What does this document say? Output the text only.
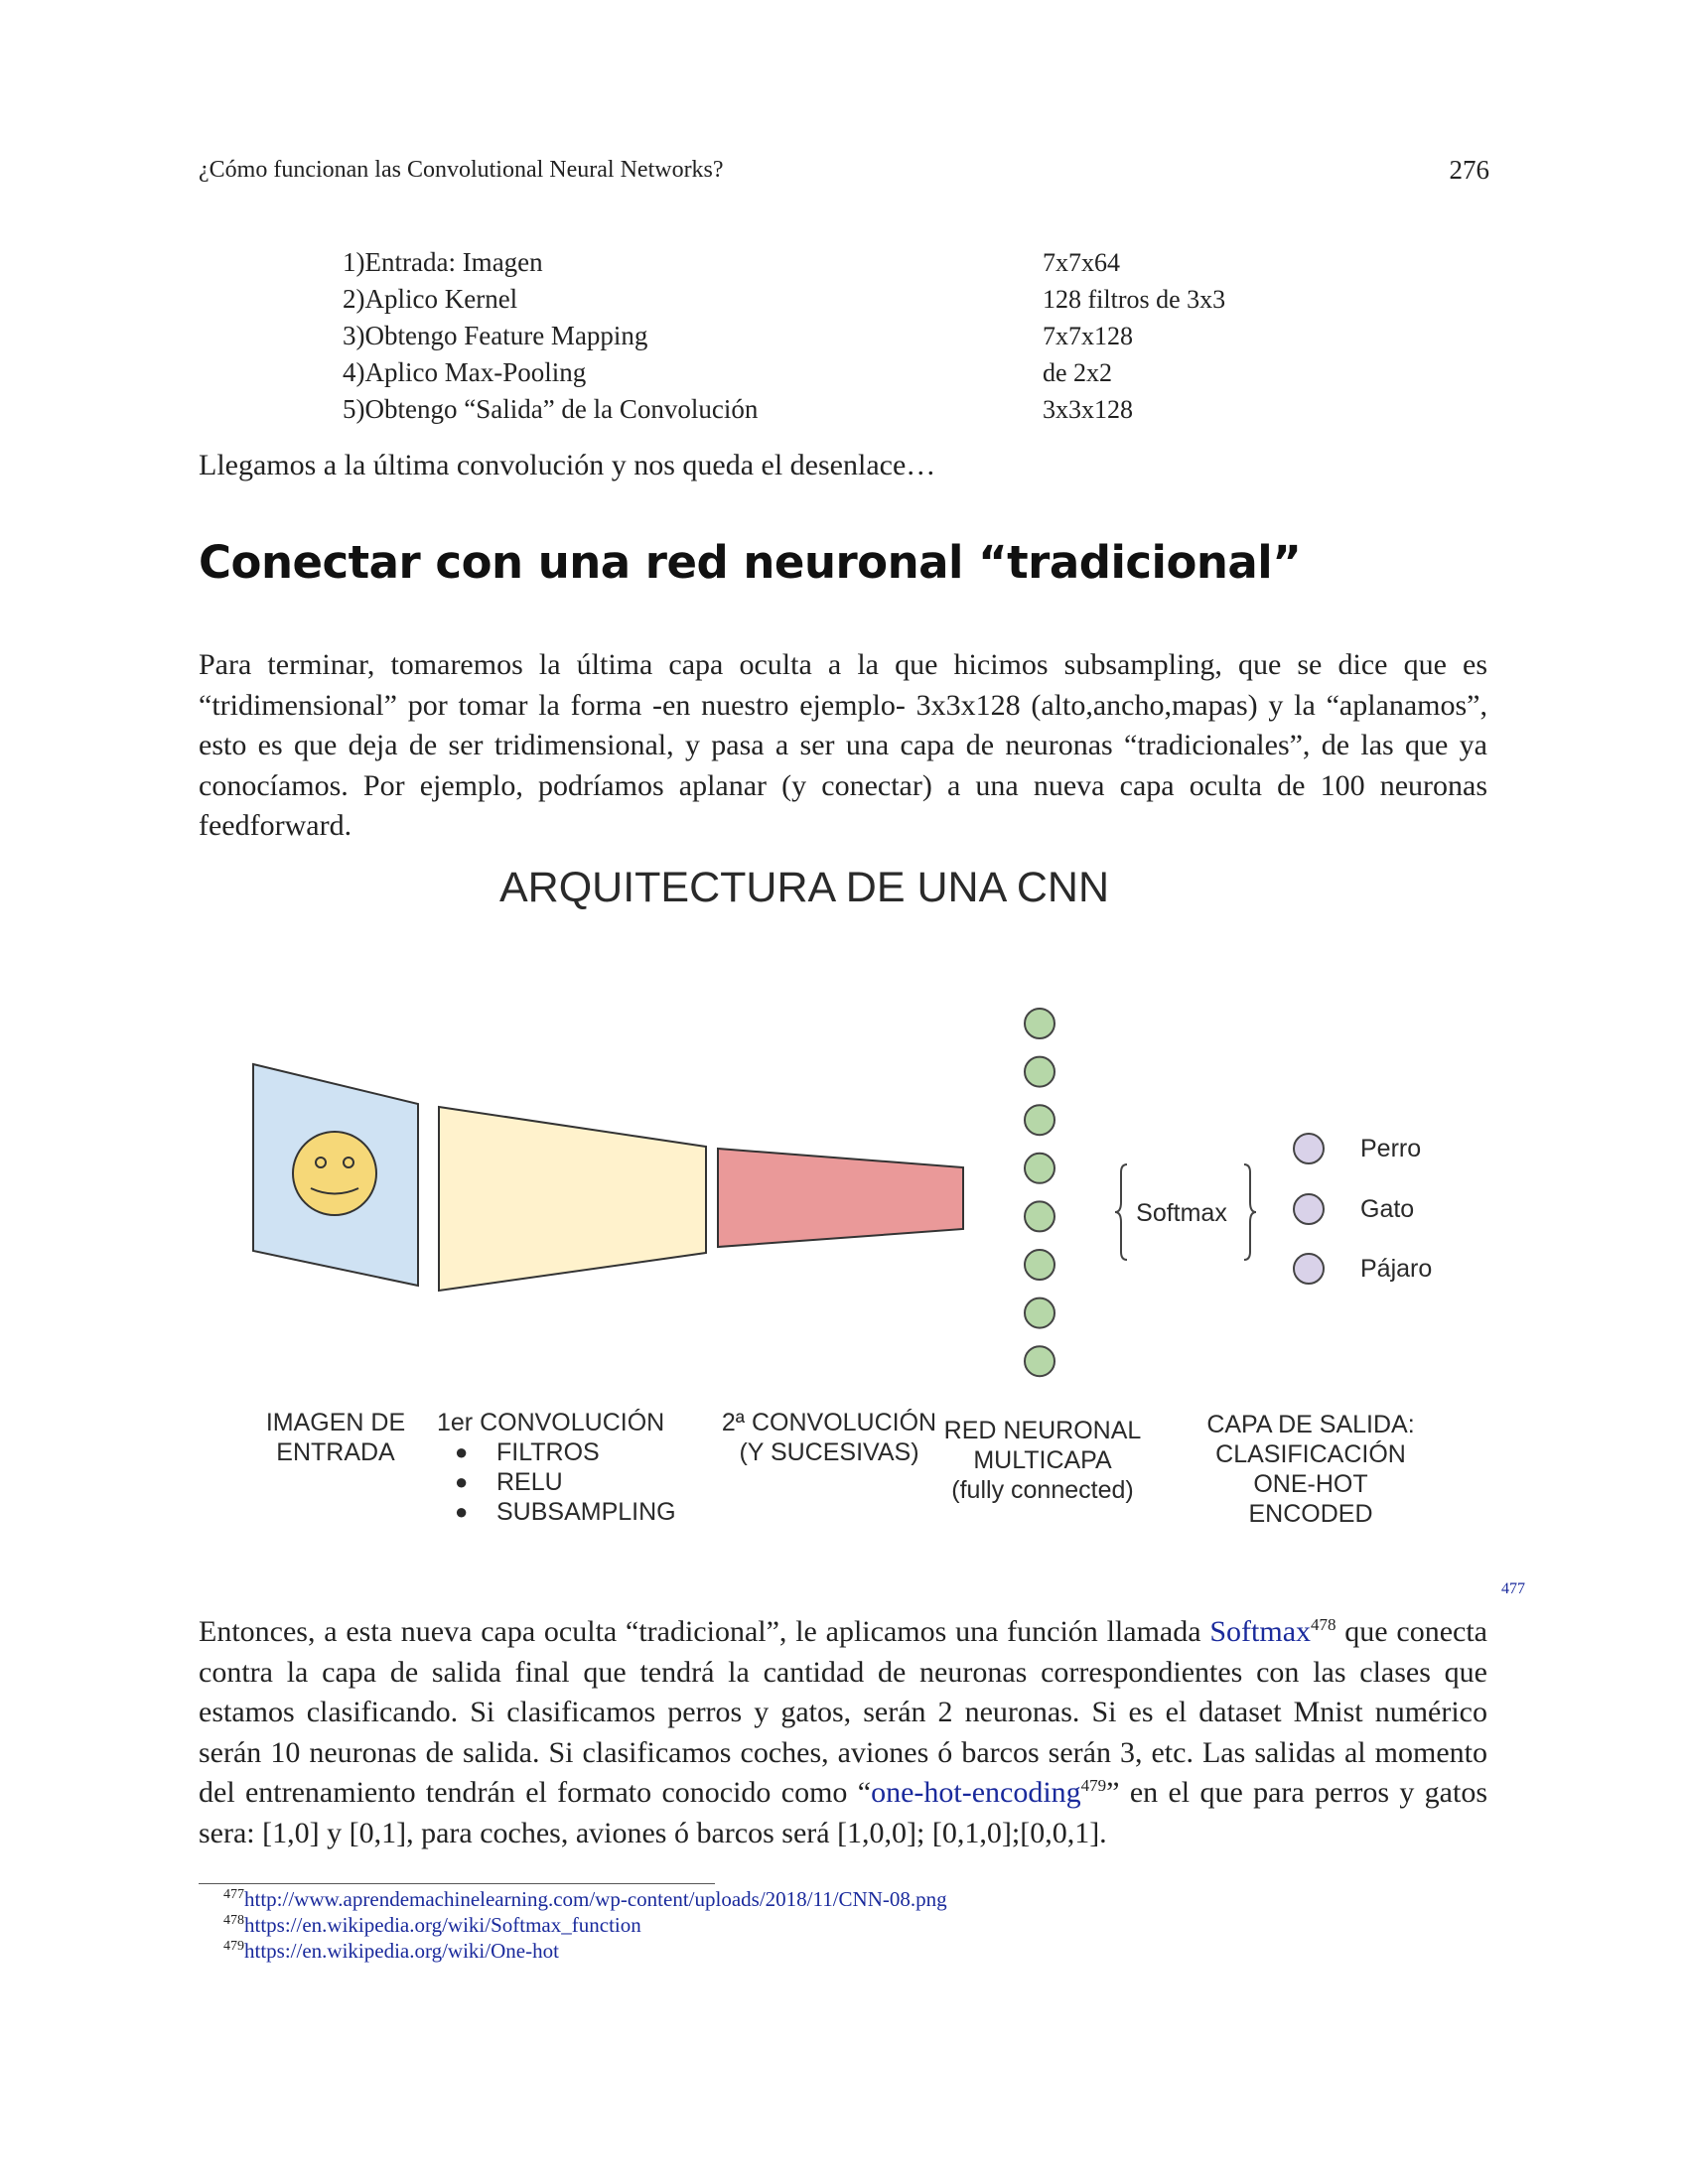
¿Cómo funcionan las Convolutional Neural Networks?	276
1)Entrada: Imagen	7x7x64
2)Aplico Kernel	128 filtros de 3x3
3)Obtengo Feature Mapping	7x7x128
4)Aplico Max-Pooling	de 2x2
5)Obtengo “Salida” de la Convolución	3x3x128
Llegamos a la última convolución y nos queda el desenlace…
Conectar con una red neuronal “tradicional”
Para terminar, tomaremos la última capa oculta a la que hicimos subsampling, que se dice que es “tridimensional” por tomar la forma -en nuestro ejemplo- 3x3x128 (alto,ancho,mapas) y la “aplanamos”, esto es que deja de ser tridimensional, y pasa a ser una capa de neuronas “tradicionales”, de las que ya conocíamos. Por ejemplo, podríamos aplanar (y conectar) a una nueva capa oculta de 100 neuronas feedforward.
ARQUITECTURA DE UNA CNN
Softmax
Perro
Gato
Pájaro
IMAGEN DE
ENTRADA
1er CONVOLUCIÓN
● FILTROS
● RELU
● SUBSAMPLING
2ª CONVOLUCIÓN
(Y SUCESIVAS)
RED NEURONAL
MULTICAPA
(fully connected)
CAPA DE SALIDA:
CLASIFICACIÓN
ONE-HOT
ENCODED
477
Entonces, a esta nueva capa oculta “tradicional”, le aplicamos una función llamada Softmax$^{478}$ que conecta contra la capa de salida final que tendrá la cantidad de neuronas correspondientes con las clases que estamos clasificando. Si clasificamos perros y gatos, serán 2 neuronas. Si es el dataset Mnist numérico serán 10 neuronas de salida. Si clasificamos coches, aviones ó barcos serán 3, etc. Las salidas al momento del entrenamiento tendrán el formato conocido como “one-hot-encoding$^{479}$” en el que para perros y gatos sera: [1,0] y [0,1], para coches, aviones ó barcos será [1,0,0]; [0,1,0];[0,0,1].
$^{477}$http://www.aprendemachinelearning.com/wp-content/uploads/2018/11/CNN-08.png
$^{478}$https://en.wikipedia.org/wiki/Softmax_function
$^{479}$https://en.wikipedia.org/wiki/One-hot
